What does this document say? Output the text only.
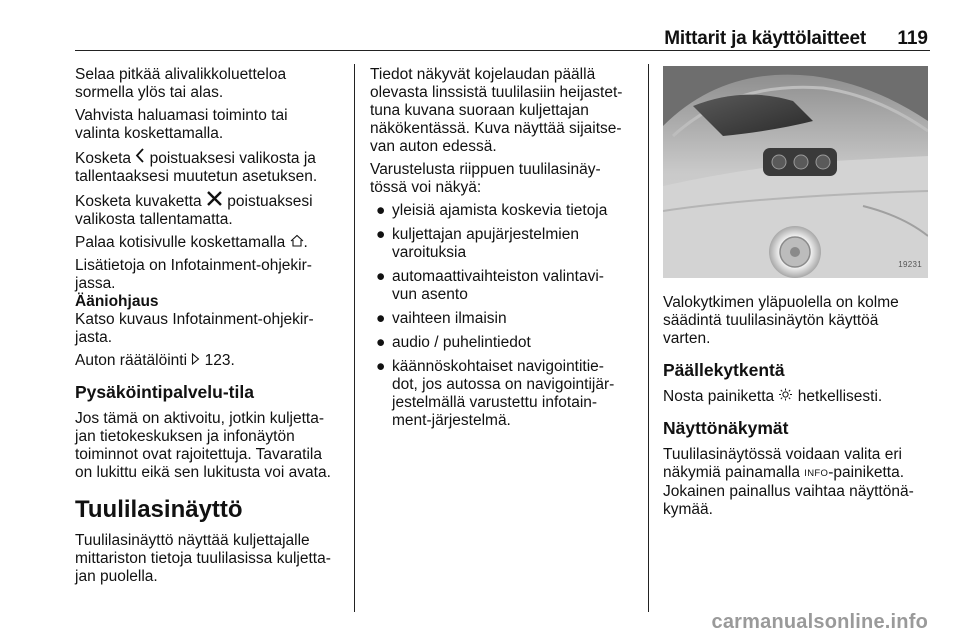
Mittarit ja käyttölaitteet 119

Selaa pitkää alivalikkoluetteloa
sormella ylös tai alas.

Vahvista haluamasi toiminto tai
valinta koskettamalla.

Kosketa  poistuaksesi valikosta ja
tallentaaksesi muutetun asetuksen.

Kosketa kuvaketta  poistuaksesi
valikosta tallentamatta.

Palaa kotisivulle koskettamalla .

Lisätietoja on Infotainment-ohjekir-
jassa.

Ääniohjaus

Katso kuvaus Infotainment-ohjekir-
jasta.

Auton räätälöinti  123.

Pysäköintipalvelu-tila

Jos tämä on aktivoitu, jotkin kuljetta-
jan tietokeskuksen ja infonäytön
toiminnot ovat rajoitettuja. Tavaratila
on lukittu eikä sen lukitusta voi avata.

Tuulilasinäyttö

Tuulilasinäyttö näyttää kuljettajalle
mittariston tietoja tuulilasissa kuljetta-
jan puolella.

Tiedot näkyvät kojelaudan päällä
olevasta linssistä tuulilasiin heijastet-
tuna kuvana suoraan kuljettajan
näkökentässä. Kuva näyttää sijaitse-
van auton edessä.

Varustelusta riippuen tuulilasinäy-
tössä voi näkyä:

● yleisiä ajamista koskevia tietoja
● kuljettajan apujärjestelmien
varoituksia
● automaattivaihteiston valintavi-
vun asento
● vaihteen ilmaisin
● audio / puhelintiedot
● käännöskohtaiset navigointitie-
dot, jos autossa on navigointijär-
jestelmällä varustettu infotain-
ment-järjestelmä.
19231

Valokytkimen yläpuolella on kolme
säädintä tuulilasinäytön käyttöä
varten.

Päällekytkentä

Nosta painiketta  hetkellisesti.

Näyttönäkymät

Tuulilasinäytössä voidaan valita eri
näkymiä painamalla INFO-painiketta.

Jokainen painallus vaihtaa näyttönä-
kymää.

carmanualsonline.info
